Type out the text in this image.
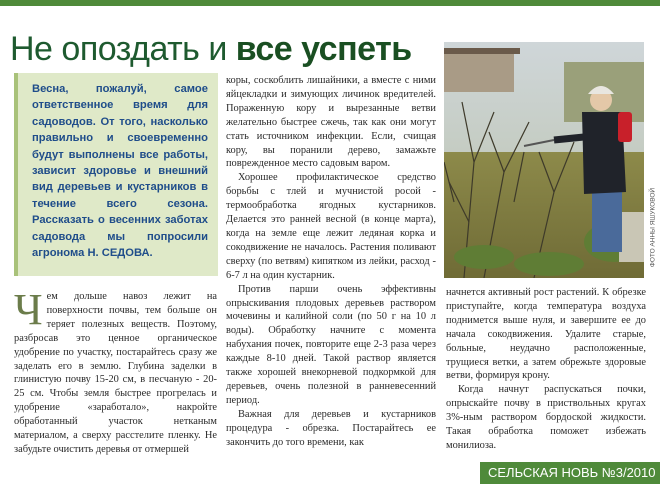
Не опоздать и все успеть

Весна, пожалуй, самое ответственное время для садоводов. От того, насколько правильно и своевременно будут выполнены все работы, зависит здоровье и внешний вид деревьев и кустарников в течение всего сезона. Рассказать о весенних заботах садовода мы попросили агронома Н. СЕДОВА.

Чем дольше навоз лежит на поверхности почвы, тем больше он теряет полезных веществ. Поэтому, разбросав это ценное органическое удобрение по участку, постарайтесь сразу же заделать его в землю. Глубина заделки в глинистую почву 15-20 см, в песчаную - 20-25 см. Чтобы земля быстрее прогрелась и удобрение «заработало», накройте обработанный участок нетканым материалом, а сверху расстелите пленку. Не забудьте очистить деревья от отмершей

коры, соскоблить лишайники, а вместе с ними яйцекладки и зимующих личинок вредителей. Пораженную кору и вырезанные ветви желательно быстрее сжечь, так как они могут стать источником инфекции. Если, счищая кору, вы поранили дерево, замажьте поврежденное место садовым варом.

Хорошее профилактическое средство борьбы с тлей и мучнистой росой - термообработка ягодных кустарников. Делается это ранней весной (в конце марта), когда на земле еще лежит ледяная корка и сокодвижение не началось. Растения поливают сверху (по ветвям) кипятком из лейки, расход - 6-7 л на один кустарник.

Против парши очень эффективны опрыскивания плодовых деревьев раствором мочевины и калийной соли (по 50 г на 10 л воды). Обработку начните с момента набухания почек, повторите еще 2-3 раза через каждые 8-10 дней. Такой раствор является также хорошей внекорневой подкормкой для деревьев, очень полезной в ранневесенний период.

Важная для деревьев и кустарников процедура - обрезка. Постарайтесь ее закончить до того времени, как

ФОТО АННЫ ЯШУКОВОЙ

начнется активный рост растений. К обрезке приступайте, когда температура воздуха поднимется выше нуля, и завершите ее до начала сокодвижения. Удалите старые, больные, неудачно расположенные, трущиеся ветки, а затем обрежьте здоровые ветви, формируя крону.

Когда начнут распускаться почки, опрыскайте почву в приствольных кругах 3%-ным раствором бордоской жидкости. Такая обработка поможет избежать монилиоза.

СЕЛЬСКАЯ НОВЬ №3/2010
